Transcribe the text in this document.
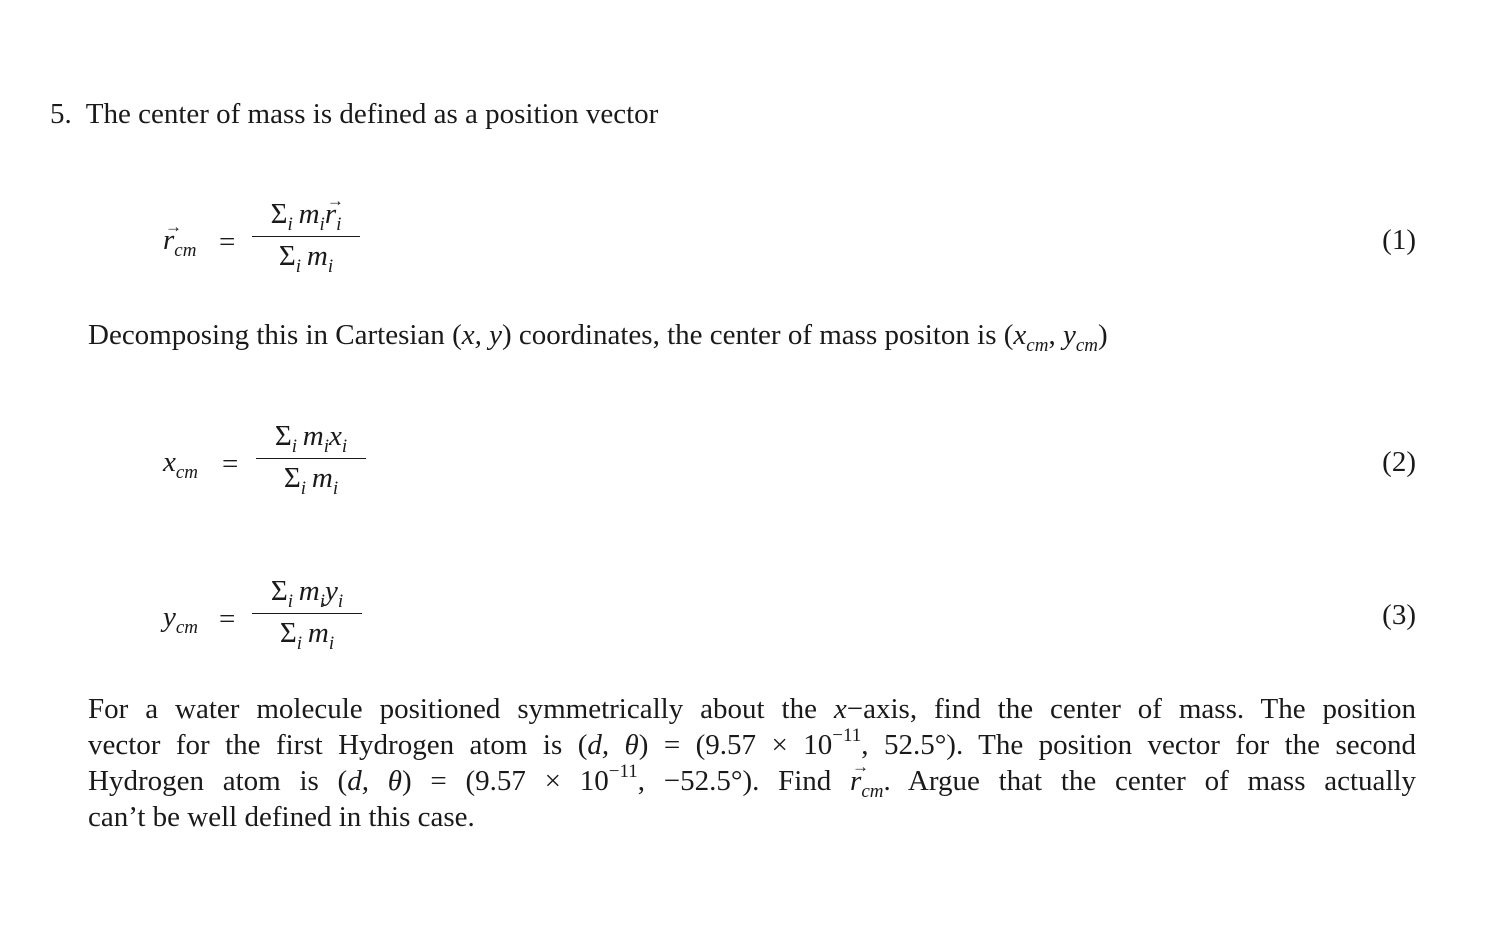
5. The center of mass is defined as a position vector
→ $r_{cm}$ =
$\Sigma_i$  $m_i\to r_i$
$\Sigma_i$  $m_i$
(1)
Decomposing this in Cartesian (x, y) coordinates, the center of mass positon is ($x_{cm}$, $y_{cm}$)
$x_{cm}$ =
$\Sigma_i$  $m_ix_i$
$\Sigma_i$  $m_i$
(2)
$y_{cm}$ =
$\Sigma_i$  $m_iy_i$
$\Sigma_i$  $m_i$
(3)
For a water molecule positioned symmetrically about the x−axis, find the center of mass. The position
vector for the first Hydrogen atom is (d, $\theta) = (9.57 \times 10^{-11}$, 52.5°). The position vector for the second
Hydrogen atom is (d, $\theta) = (9.57 \times 10^{-11}$, −52.5°). Find → $r_{cm}$. Argue that the center of mass actually
can’t be well defined in this case.
